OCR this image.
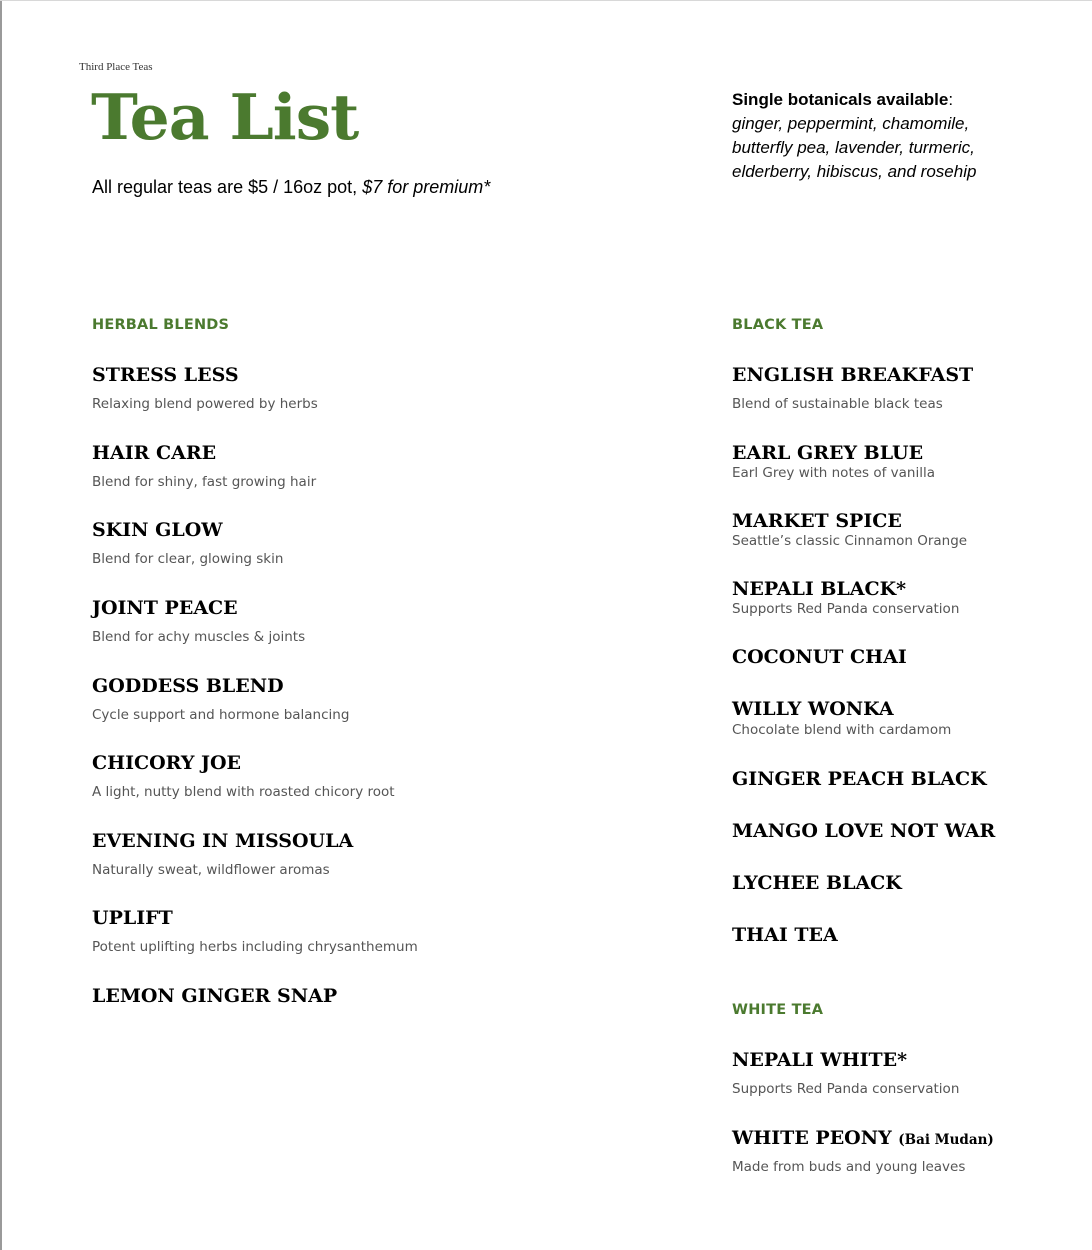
Third Place Teas
Tea List
All regular teas are $5 / 16oz pot, $7 for premium*
Single botanicals available:
ginger, peppermint, chamomile, butterfly pea, lavender, turmeric, elderberry, hibiscus, and rosehip
HERBAL BLENDS
STRESS LESS
Relaxing blend powered by herbs
HAIR CARE
Blend for shiny, fast growing hair
SKIN GLOW
Blend for clear, glowing skin
JOINT PEACE
Blend for achy muscles & joints
GODDESS BLEND
Cycle support and hormone balancing
CHICORY JOE
A light, nutty blend with roasted chicory root
EVENING IN MISSOULA
Naturally sweat, wildflower aromas
UPLIFT
Potent uplifting herbs including chrysanthemum
LEMON GINGER SNAP
BLACK TEA
ENGLISH BREAKFAST
Blend of sustainable black teas
EARL GREY BLUE
Earl Grey with notes of vanilla
MARKET SPICE
Seattle’s classic Cinnamon Orange
NEPALI BLACK*
Supports Red Panda conservation
COCONUT CHAI
WILLY WONKA
Chocolate blend with cardamom
GINGER PEACH BLACK
MANGO LOVE NOT WAR
LYCHEE BLACK
THAI TEA
WHITE TEA
NEPALI WHITE*
Supports Red Panda conservation
WHITE PEONY (Bai Mudan)
Made from buds and young leaves
